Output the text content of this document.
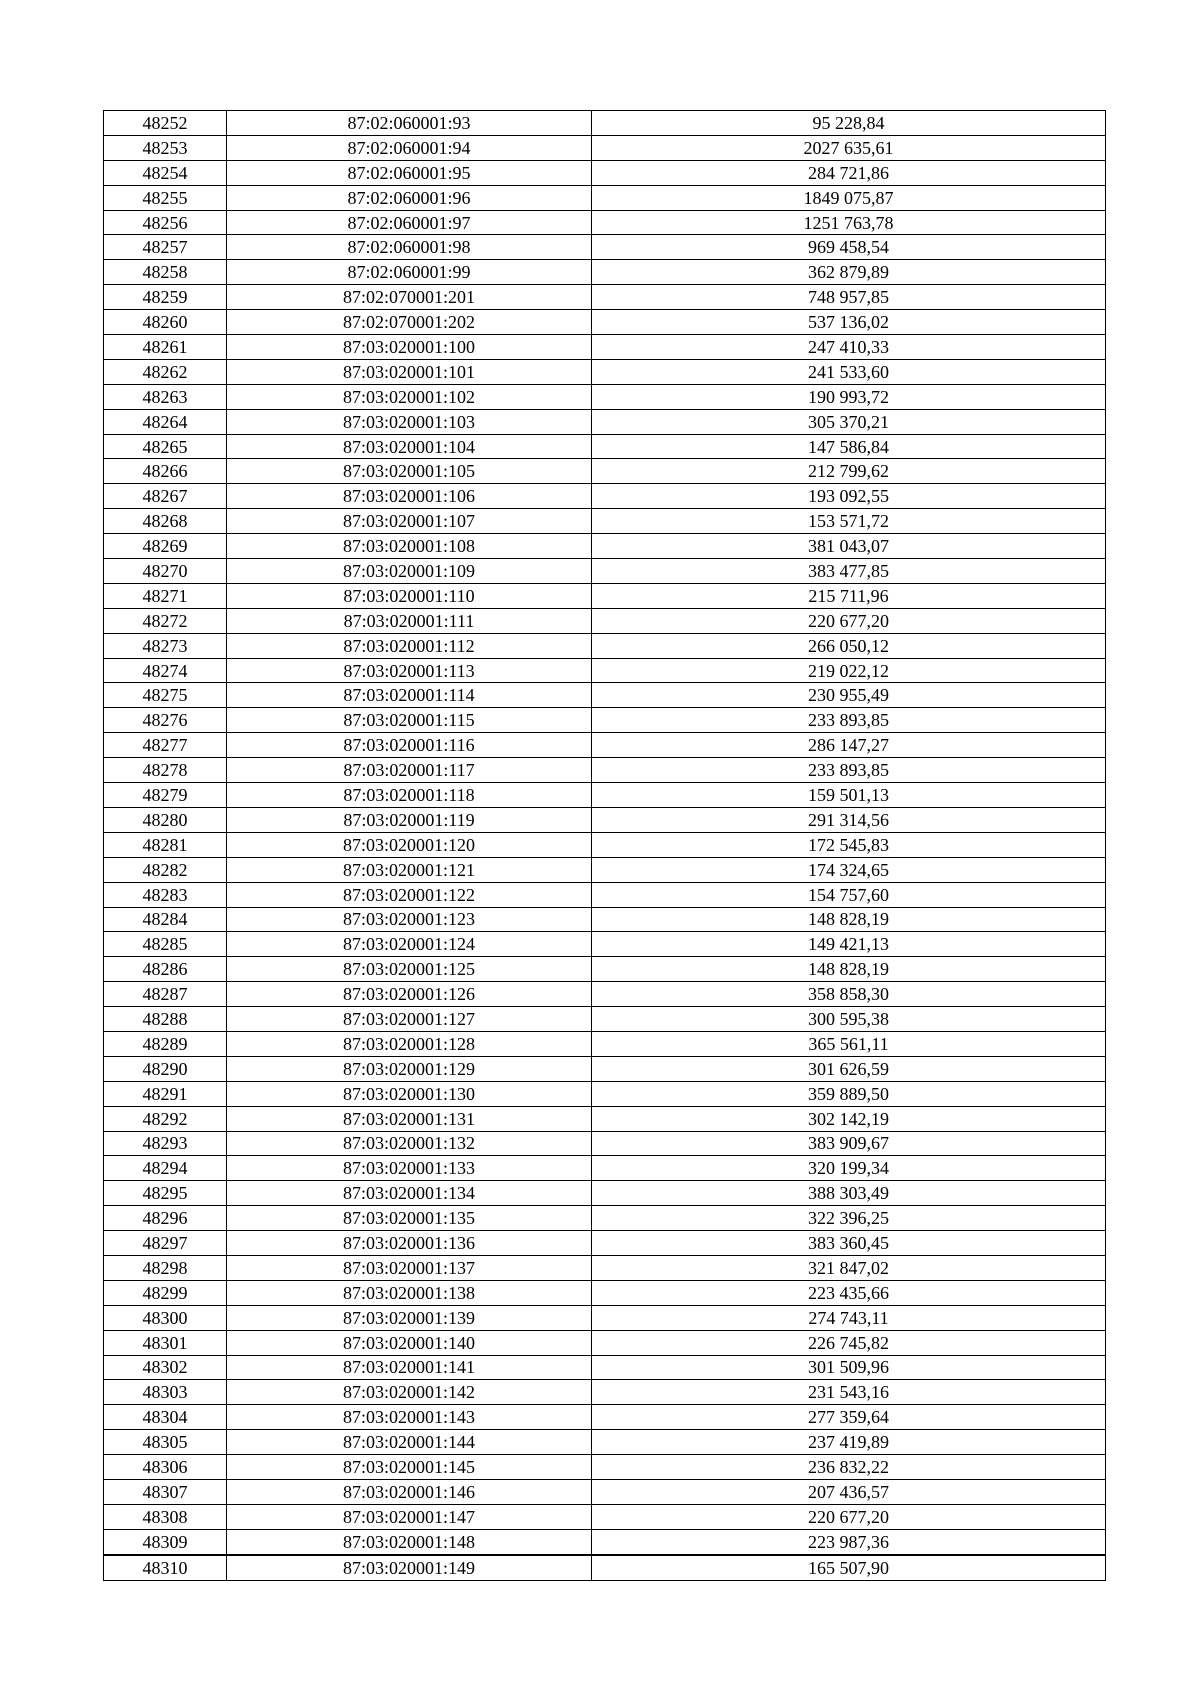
48252	87:02:060001:93	95 228,84
48253	87:02:060001:94	2027 635,61
48254	87:02:060001:95	284 721,86
48255	87:02:060001:96	1849 075,87
48256	87:02:060001:97	1251 763,78
48257	87:02:060001:98	969 458,54
48258	87:02:060001:99	362 879,89
48259	87:02:070001:201	748 957,85
48260	87:02:070001:202	537 136,02
48261	87:03:020001:100	247 410,33
48262	87:03:020001:101	241 533,60
48263	87:03:020001:102	190 993,72
48264	87:03:020001:103	305 370,21
48265	87:03:020001:104	147 586,84
48266	87:03:020001:105	212 799,62
48267	87:03:020001:106	193 092,55
48268	87:03:020001:107	153 571,72
48269	87:03:020001:108	381 043,07
48270	87:03:020001:109	383 477,85
48271	87:03:020001:110	215 711,96
48272	87:03:020001:111	220 677,20
48273	87:03:020001:112	266 050,12
48274	87:03:020001:113	219 022,12
48275	87:03:020001:114	230 955,49
48276	87:03:020001:115	233 893,85
48277	87:03:020001:116	286 147,27
48278	87:03:020001:117	233 893,85
48279	87:03:020001:118	159 501,13
48280	87:03:020001:119	291 314,56
48281	87:03:020001:120	172 545,83
48282	87:03:020001:121	174 324,65
48283	87:03:020001:122	154 757,60
48284	87:03:020001:123	148 828,19
48285	87:03:020001:124	149 421,13
48286	87:03:020001:125	148 828,19
48287	87:03:020001:126	358 858,30
48288	87:03:020001:127	300 595,38
48289	87:03:020001:128	365 561,11
48290	87:03:020001:129	301 626,59
48291	87:03:020001:130	359 889,50
48292	87:03:020001:131	302 142,19
48293	87:03:020001:132	383 909,67
48294	87:03:020001:133	320 199,34
48295	87:03:020001:134	388 303,49
48296	87:03:020001:135	322 396,25
48297	87:03:020001:136	383 360,45
48298	87:03:020001:137	321 847,02
48299	87:03:020001:138	223 435,66
48300	87:03:020001:139	274 743,11
48301	87:03:020001:140	226 745,82
48302	87:03:020001:141	301 509,96
48303	87:03:020001:142	231 543,16
48304	87:03:020001:143	277 359,64
48305	87:03:020001:144	237 419,89
48306	87:03:020001:145	236 832,22
48307	87:03:020001:146	207 436,57
48308	87:03:020001:147	220 677,20
48309	87:03:020001:148	223 987,36
48310	87:03:020001:149	165 507,90
